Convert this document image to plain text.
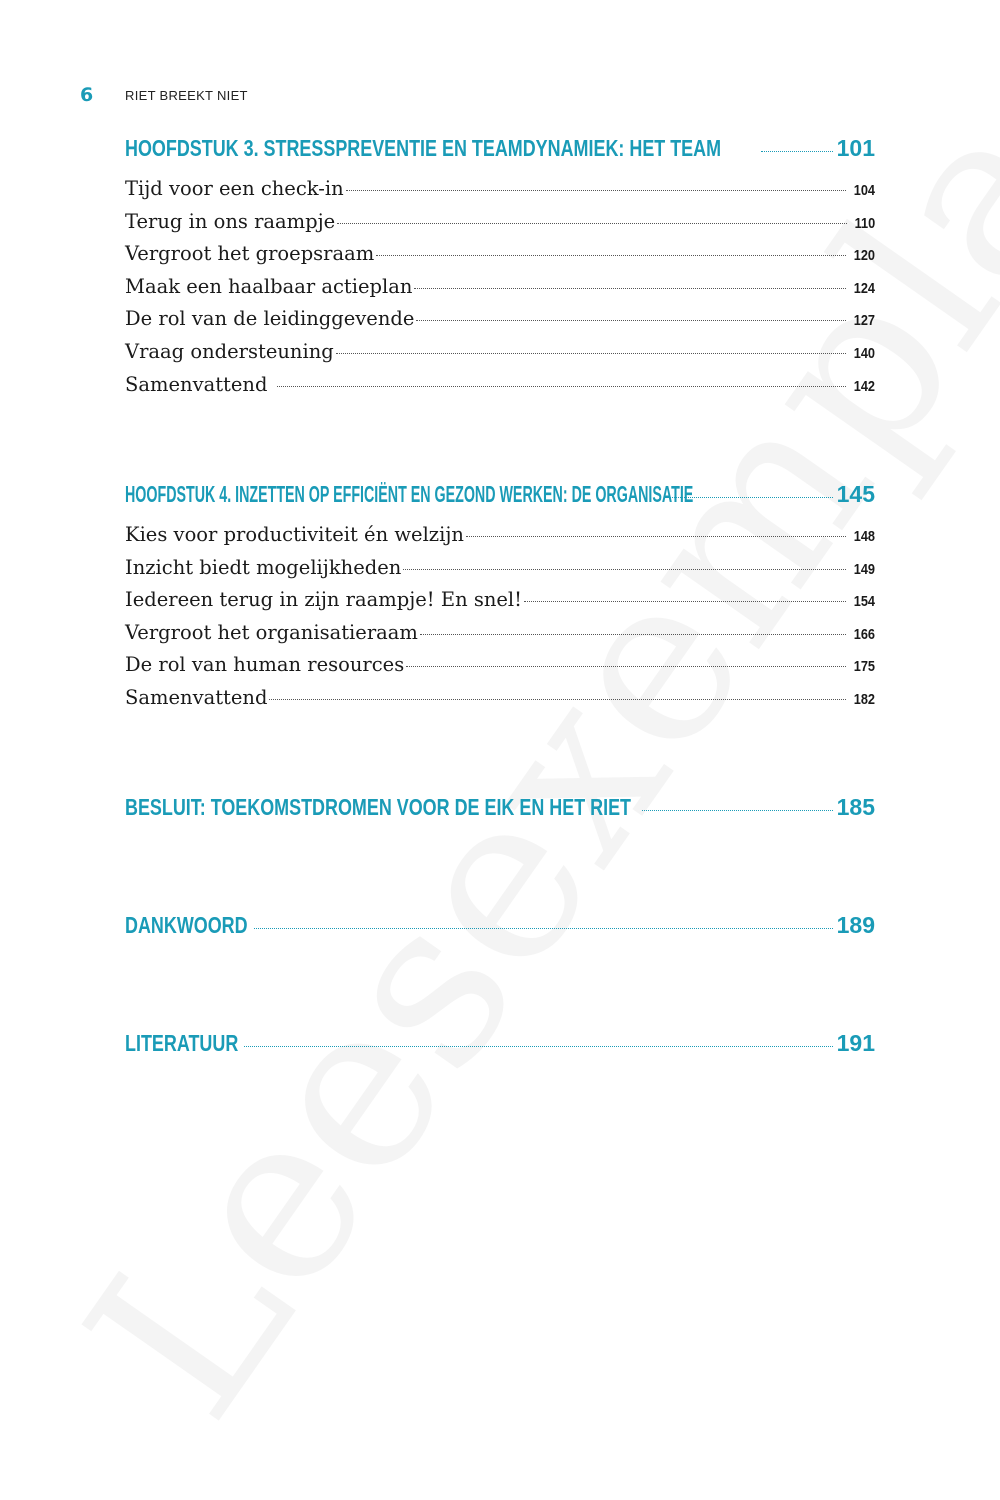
6 RIET BREEKT NIET
HOOFDSTUK 3. STRESSPREVENTIE EN TEAMDYNAMIEK: HET TEAM	101
Tijd voor een check-in	104
Terug in ons raampje	110
Vergroot het groepsraam	120
Maak een haalbaar actieplan	124
De rol van de leidinggevende	127
Vraag ondersteuning	140
Samenvattend	142
HOOFDSTUK 4. INZETTEN OP EFFICIËNT EN GEZOND WERKEN: DE ORGANISATIE	145
Kies voor productiviteit én welzijn	148
Inzicht biedt mogelijkheden	149
Iedereen terug in zijn raampje! En snel!	154
Vergroot het organisatieraam	166
De rol van human resources	175
Samenvattend	182
BESLUIT: TOEKOMSTDROMEN VOOR DE EIK EN HET RIET	185
DANKWOORD	189
LITERATUUR	191
